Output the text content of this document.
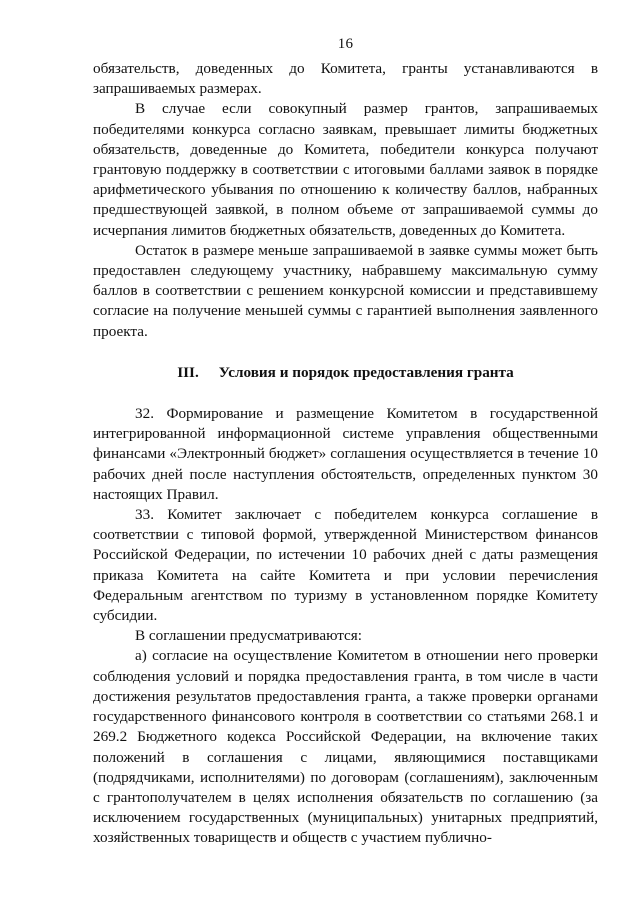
16

обязательств, доведенных до Комитета, гранты устанавливаются в запрашиваемых размерах.

В случае если совокупный размер грантов, запрашиваемых победителями конкурса согласно заявкам, превышает лимиты бюджетных обязательств, доведенные до Комитета, победители конкурса получают грантовую поддержку в соответствии с итоговыми баллами заявок в порядке арифметического убывания по отношению к количеству баллов, набранных предшествующей заявкой, в полном объеме от запрашиваемой суммы до исчерпания лимитов бюджетных обязательств, доведенных до Комитета.

Остаток в размере меньше запрашиваемой в заявке суммы может быть предоставлен следующему участнику, набравшему максимальную сумму баллов в соответствии с решением конкурсной комиссии и представившему согласие на получение меньшей суммы с гарантией выполнения заявленного проекта.

III. Условия и порядок предоставления гранта

32. Формирование и размещение Комитетом в государственной интегрированной информационной системе управления общественными финансами «Электронный бюджет» соглашения осуществляется в течение 10 рабочих дней после наступления обстоятельств, определенных пунктом 30 настоящих Правил.

33. Комитет заключает с победителем конкурса соглашение в соответствии с типовой формой, утвержденной Министерством финансов Российской Федерации, по истечении 10 рабочих дней с даты размещения приказа Комитета на сайте Комитета и при условии перечисления Федеральным агентством по туризму в установленном порядке Комитету субсидии.

В соглашении предусматриваются:

а) согласие на осуществление Комитетом в отношении него проверки соблюдения условий и порядка предоставления гранта, в том числе в части достижения результатов предоставления гранта, а также проверки органами государственного финансового контроля в соответствии со статьями 268.1 и 269.2 Бюджетного кодекса Российской Федерации, на включение таких положений в соглашения с лицами, являющимися поставщиками (подрядчиками, исполнителями) по договорам (соглашениям), заключенным с грантополучателем в целях исполнения обязательств по соглашению (за исключением государственных (муниципальных) унитарных предприятий, хозяйственных товариществ и обществ с участием публично-
